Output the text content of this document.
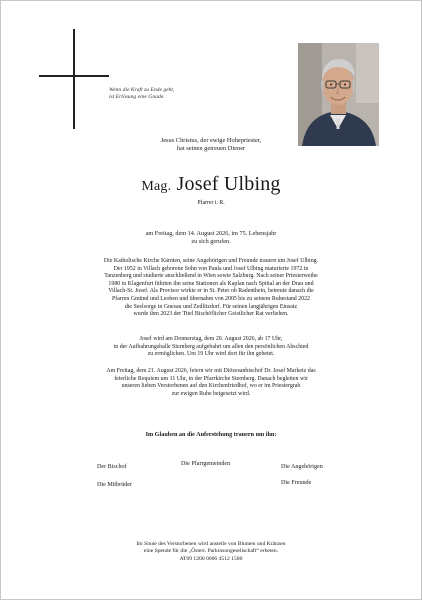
Wenn die Kraft zu Ende geht,
ist Erlösung eine Gnade.
Jesus Christus, der ewige Hohepriester,
hat seinen getreuen Diener
Mag. Josef Ulbing
Pfarrer i. R.
am Freitag, dem 14. August 2026, im 75. Lebensjahr
zu sich gerufen.
Die Katholische Kirche Kärnten, seine Angehörigen und Freunde trauern um Josef Ulbing.
Der 1952 in Villach geborene Sohn von Paula und Josef Ulbing maturierte 1972 in
Tanzenberg und studierte anschließend in Wien sowie Salzburg. Nach seiner Priesterweihe
1980 in Klagenfurt führten ihn seine Stationen als Kaplan nach Spittal an der Drau und
Villach-St. Josef. Als Provisor wirkte er in St. Peter ob Radenthein, betreute danach die
Pfarren Gmünd und Leoben und übernahm von 2005 bis zu seinem Ruhestand 2022
die Seelsorge in Gnesau und Zedlitzdorf. Für seinen langjährigen Einsatz
wurde ihm 2023 der Titel Bischöflicher Geistlicher Rat verliehen.
Josef wird am Donnerstag, dem 20. August 2026, ab 17 Uhr,
in der Aufbahrungshalle Sternberg aufgebahrt um allen den persönlichen Abschied
zu ermöglichen. Um 19 Uhr wird dort für ihn gebetet.
Am Freitag, dem 21. August 2026, feiern wir mit Diözesanbischof Dr. Josef Marketz das
feierliche Requiem um 11 Uhr, in der Pfarrkirche Sternberg. Danach begleiten wir
unseren lieben Verstorbenen auf den Kirchenfriedhof, wo er im Priestergrab
zur ewigen Ruhe beigesetzt wird.
Im Glauben an die Auferstehung trauern um ihn:
Der Bischof	Die Pfarrgemeinden	Die Angehörigen
Die Mitbrüder	Die Freunde
Im Sinne des Verstorbenen wird anstelle von Blumen und Kränzen
eine Spende für die „Österr. Parkinsongesellschaft“ erbeten.
AT09 1200 0006 4512 1500
